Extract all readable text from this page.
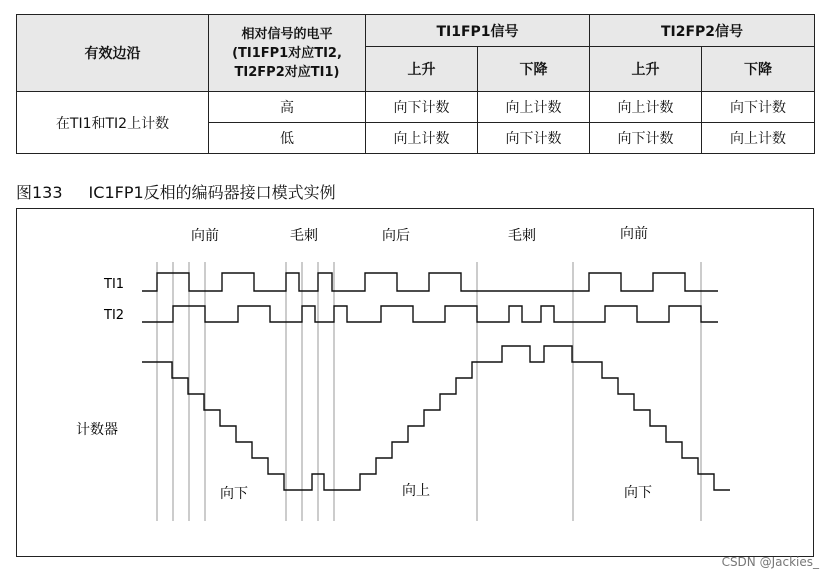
有效边沿	相对信号的电平
(TI1FP1对应TI2,
TI2FP2对应TI1)	TI1FP1信号		TI2FP2信号	
		上升	下降	上升	下降
在TI1和TI2上计数	高	向下计数	向上计数	向上计数	向下计数
	低	向上计数	向下计数	向下计数	向上计数
图133 IC1FP1反相的编码器接口模式实例
向前	毛刺	向后	毛刺	向前
TI1
TI2
计数器
向下	向上	向下
CSDN @Jackies_
